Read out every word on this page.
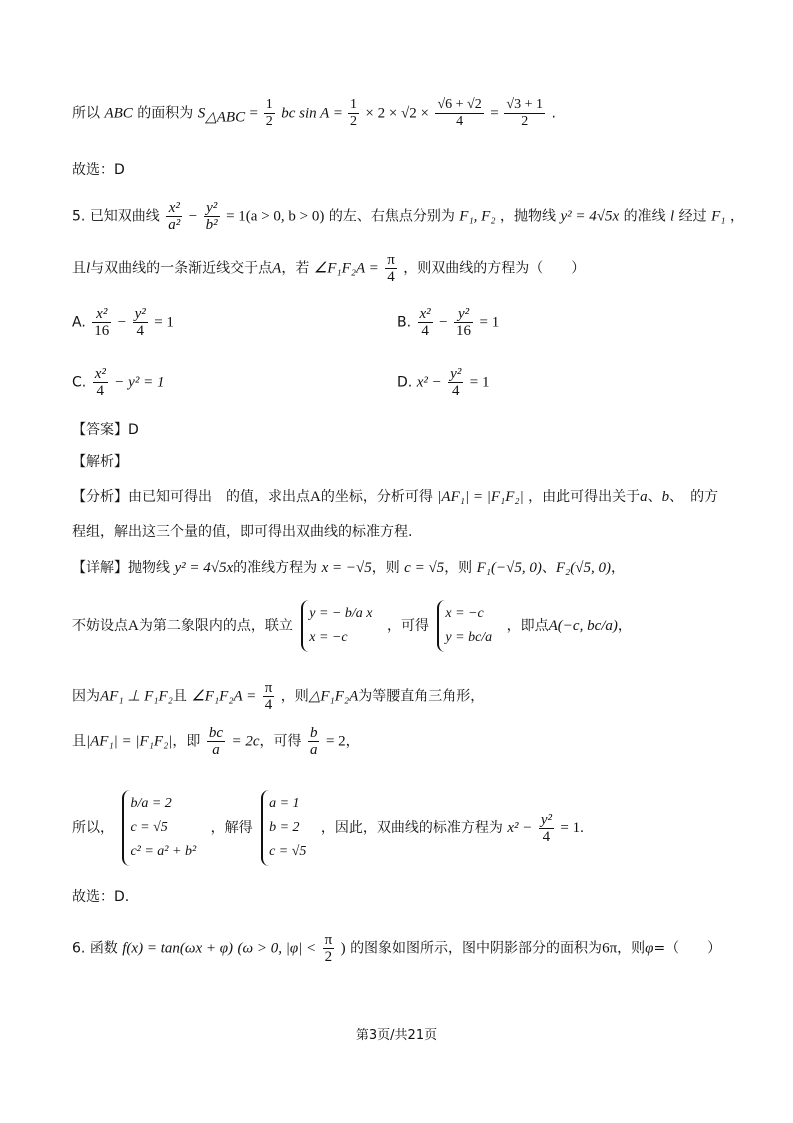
所以 ABC 的面积为 $S_{\triangle ABC} = \frac{1}{2}$ bc $\sin A = \frac{1}{2} \times 2 \times √2 \times \frac{√6 + √2}{4} = \frac{√3 + 1}{2}$ .
故选：D
5. 已知双曲线 $\frac{\text{x²}}{\text{a²}} - \frac{\text{y²}}{\text{b²}} = 1(a > 0$, b > 0) 的左、右焦点分别为 F₁, F₂ ，抛物线 y² = 4√5x 的准线 l 经过 F₁ ，
且l与双曲线的一条渐近线交于点A，若 ∠F₁F₂A = $\frac{\pi}{4}$ ，则双曲线的方程为（　　）
A. $\frac{\text{x²}}{16} - \frac{\text{y²}}{4} = 1$	B. $\frac{\text{x²}}{4} - \frac{\text{y²}}{16} = 1$
C. $\frac{\text{x²}}{4} - y^2 = 1$	D. $x^2 - \frac{\text{y²}}{4} = 1$
【答案】D
【解析】
【分析】由已知可得出　的值，求出点A的坐标，分析可得 |AF₁| = |F₁F₂| ，由此可得出关于a、b、　的方
程组，解出这三个量的值，即可得出双曲线的标准方程.
【详解】抛物线 y² = 4√5x的准线方程为 x = −√5，则 c = √5，则 F₁(−√5, 0)、F₂(√5, 0)，
不妨设点A为第二象限内的点，联立
y = − b/a x
x = −c
，可得
x = −c
y = bc/a
，即点A(−c, bc/a)，
因为AF₁ ⊥ F₁F₂且 ∠F₁F₂A = $\frac{\pi}{4}$ ，则△F₁F₂A为等腰直角三角形，
且|AF₁| = |F₁F₂|，即 $\frac{bc}{a} = 2c$，可得 $\frac{b}{a} = 2$，
所以，
b/a = 2
c = √5
c² = a² + b²
，解得
a = 1
b = 2
c = √5
，因此，双曲线的标准方程为 $x^2 - \frac{\text{y²}}{4} = 1$.
故选：D.
6. 函数 f(x) = tan(ωx + φ) (ω > 0, $|\varphi| < \frac{\pi}{2}$ ) 的图象如图所示，图中阴影部分的面积为6π，则φ=（　　）
第3页/共21页
